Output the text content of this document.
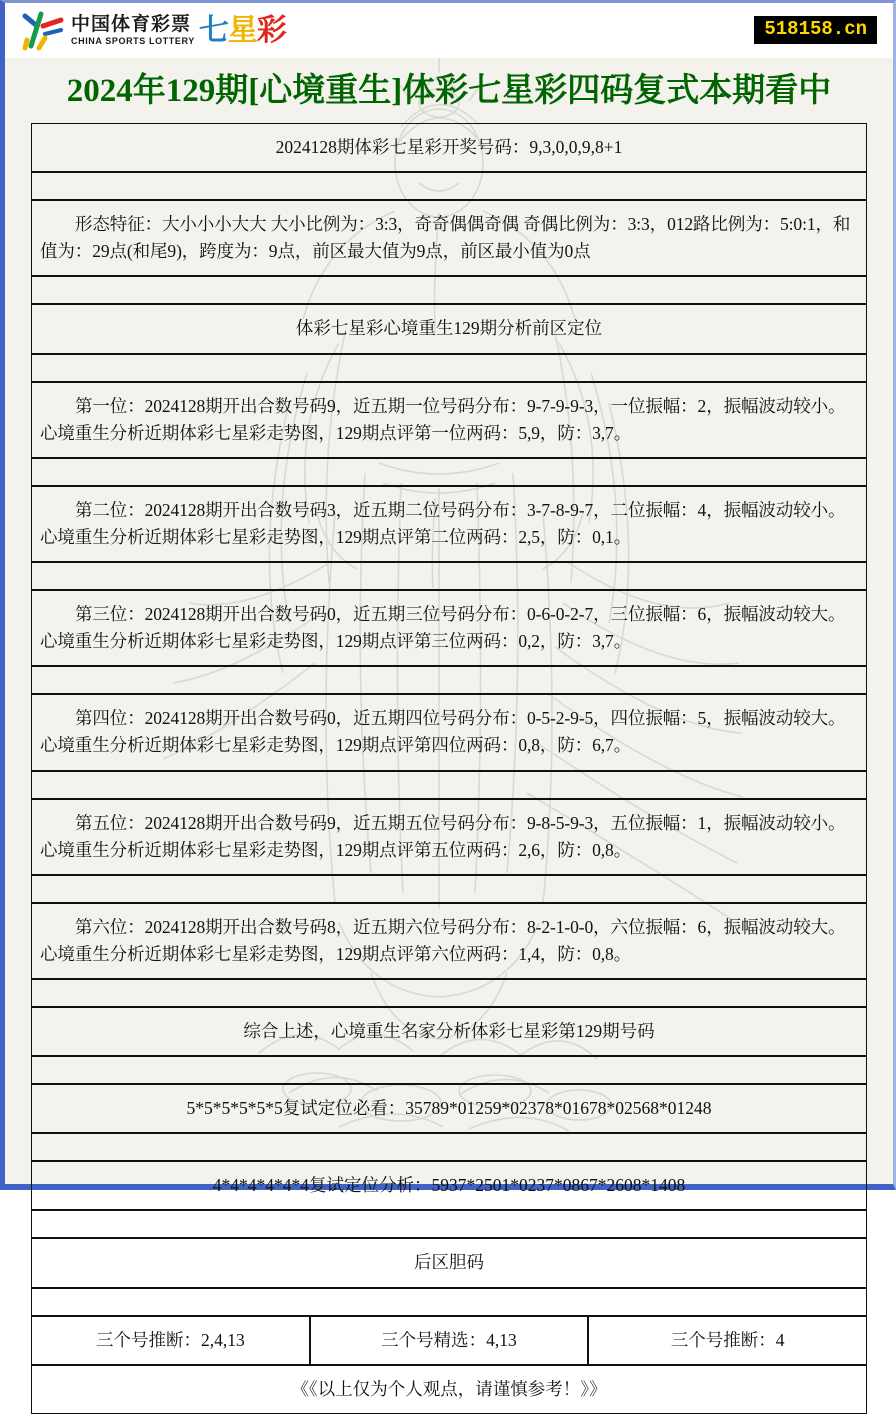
中国体育彩票
CHINA SPORTS LOTTERY 七星彩	518158.cn
2024年129期[心境重生]体彩七星彩四码复式本期看中
2024128期体彩七星彩开奖号码：9,3,0,0,9,8+1

形态特征：大小小小大大 大小比例为：3:3，奇奇偶偶奇偶 奇偶比例为：3:3，012路比例为：5:0:1，和值为：29点(和尾9)，跨度为：9点，前区最大值为9点，前区最小值为0点

体彩七星彩心境重生129期分析前区定位

第一位：2024128期开出合数号码9，近五期一位号码分布：9-7-9-9-3，一位振幅：2，振幅波动较小。心境重生分析近期体彩七星彩走势图，129期点评第一位两码：5,9，防：3,7。

第二位：2024128期开出合数号码3，近五期二位号码分布：3-7-8-9-7，二位振幅：4，振幅波动较小。心境重生分析近期体彩七星彩走势图，129期点评第二位两码：2,5，防：0,1。

第三位：2024128期开出合数号码0，近五期三位号码分布：0-6-0-2-7，三位振幅：6，振幅波动较大。心境重生分析近期体彩七星彩走势图，129期点评第三位两码：0,2，防：3,7。

第四位：2024128期开出合数号码0，近五期四位号码分布：0-5-2-9-5，四位振幅：5，振幅波动较大。心境重生分析近期体彩七星彩走势图，129期点评第四位两码：0,8，防：6,7。

第五位：2024128期开出合数号码9，近五期五位号码分布：9-8-5-9-3，五位振幅：1，振幅波动较小。心境重生分析近期体彩七星彩走势图，129期点评第五位两码：2,6，防：0,8。

第六位：2024128期开出合数号码8，近五期六位号码分布：8-2-1-0-0，六位振幅：6，振幅波动较大。心境重生分析近期体彩七星彩走势图，129期点评第六位两码：1,4，防：0,8。

综合上述，心境重生名家分析体彩七星彩第129期号码

5*5*5*5*5*5复试定位必看：35789*01259*02378*01678*02568*01248

4*4*4*4*4*4复试定位分析：5937*2501*0237*0867*2608*1408

后区胆码

三个号推断：2,4,13	三个号精选：4,13	三个号推断：4
《《以上仅为个人观点，请谨慎参考！》》
